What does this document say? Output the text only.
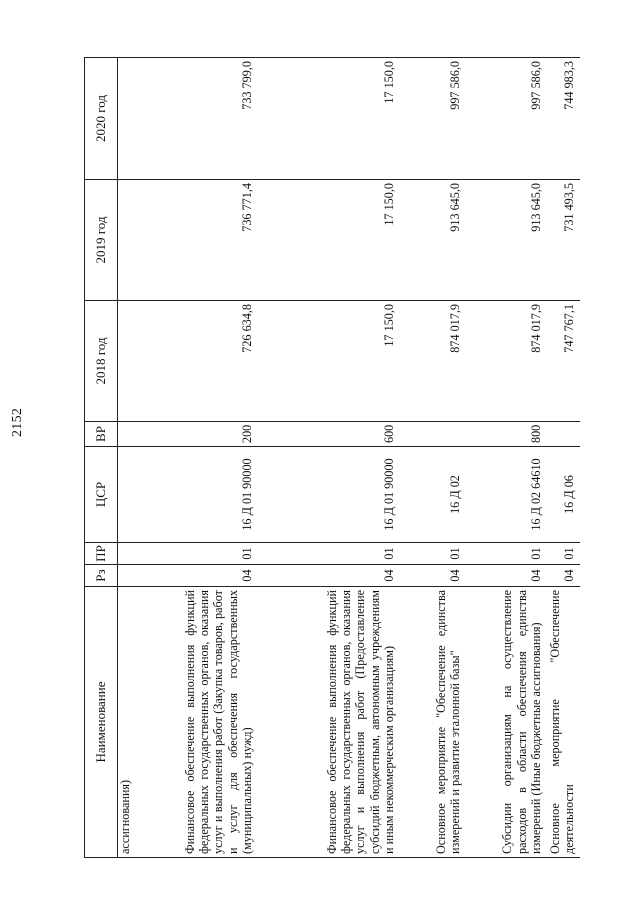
2152
Наименование	Рз	ПР	ЦСР	ВР	2018 год	2019 год	2020 год
ассигнования)							
Финансовое обеспечение выполнения функций федеральных государственных органов, оказания услуг и выполнения работ (Закупка товаров, работ и услуг для обеспечения государственных (муниципальных) нужд)	04	01	16 Д 01 90000	200	726 634,8	736 771,4	733 799,0
Финансовое обеспечение выполнения функций федеральных государственных органов, оказания услуг и выполнения работ (Предоставление субсидий бюджетным, автономным учреждениям и иным некоммерческим организациям)	04	01	16 Д 01 90000	600	17 150,0	17 150,0	17 150,0
Основное мероприятие "Обеспечение единства измерений и развитие эталонной базы"	04	01	16 Д 02		874 017,9	913 645,0	997 586,0
Субсидии организациям на осуществление расходов в области обеспечения единства измерений (Иные бюджетные ассигнования)	04	01	16 Д 02 64610	800	874 017,9	913 645,0	997 586,0
Основное мероприятие "Обеспечение деятельности	04	01	16 Д 06		747 767,1	731 493,5	744 983,3
